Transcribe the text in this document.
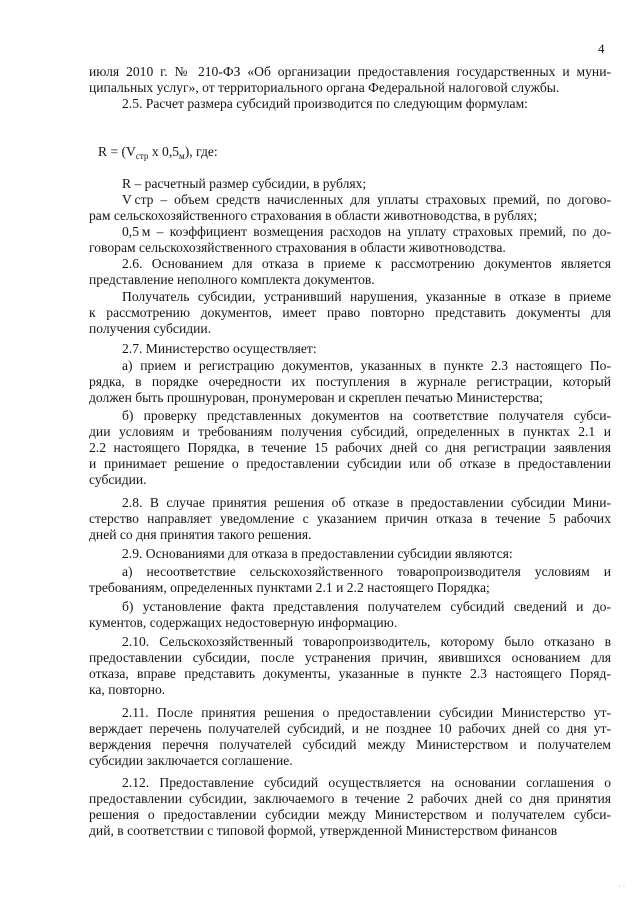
4
июля 2010 г. № 210-ФЗ «Об организации предоставления государственных и муни-
ципальных услуг», от территориального органа Федеральной налоговой службы.
2.5. Расчет размера субсидий производится по следующим формулам:
$R = (V_{стр}$ х $0,5_м$), где:
R – расчетный размер субсидии, в рублях;
V стр – объем средств начисленных для уплаты страховых премий, по догово-
рам сельскохозяйственного страхования в области животноводства, в рублях;
0,5 м – коэффициент возмещения расходов на уплату страховых премий, по до-
говорам сельскохозяйственного страхования в области животноводства.
2.6. Основанием для отказа в приеме к рассмотрению документов является
представление неполного комплекта документов.
Получатель субсидии, устранивший нарушения, указанные в отказе в приеме
к рассмотрению документов, имеет право повторно представить документы для
получения субсидии.
2.7. Министерство осуществляет:
а) прием и регистрацию документов, указанных в пункте 2.3 настоящего По-
рядка, в порядке очередности их поступления в журнале регистрации, который
должен быть прошнурован, пронумерован и скреплен печатью Министерства;
б) проверку представленных документов на соответствие получателя субси-
дии условиям и требованиям получения субсидий, определенных в пунктах 2.1 и
2.2 настоящего Порядка, в течение 15 рабочих дней со дня регистрации заявления
и принимает решение о предоставлении субсидии или об отказе в предоставлении
субсидии.
2.8. В случае принятия решения об отказе в предоставлении субсидии Мини-
стерство направляет уведомление с указанием причин отказа в течение 5 рабочих
дней со дня принятия такого решения.
2.9. Основаниями для отказа в предоставлении субсидии являются:
а) несоответствие сельскохозяйственного товаропроизводителя условиям и
требованиям, определенных пунктами 2.1 и 2.2 настоящего Порядка;
б) установление факта представления получателем субсидий сведений и до-
кументов, содержащих недостоверную информацию.
2.10. Сельскохозяйственный товаропроизводитель, которому было отказано в
предоставлении субсидии, после устранения причин, явившихся основанием для
отказа, вправе представить документы, указанные в пункте 2.3 настоящего Поряд-
ка, повторно.
2.11. После принятия решения о предоставлении субсидии Министерство ут-
верждает перечень получателей субсидий, и не позднее 10 рабочих дней со дня ут-
верждения перечня получателей субсидий между Министерством и получателем
субсидии заключается соглашение.
2.12. Предоставление субсидий осуществляется на основании соглашения о
предоставлении субсидии, заключаемого в течение 2 рабочих дней со дня принятия
решения о предоставлении субсидии между Министерством и получателем субси-
дий, в соответствии с типовой формой, утвержденной Министерством финансов
· ·
